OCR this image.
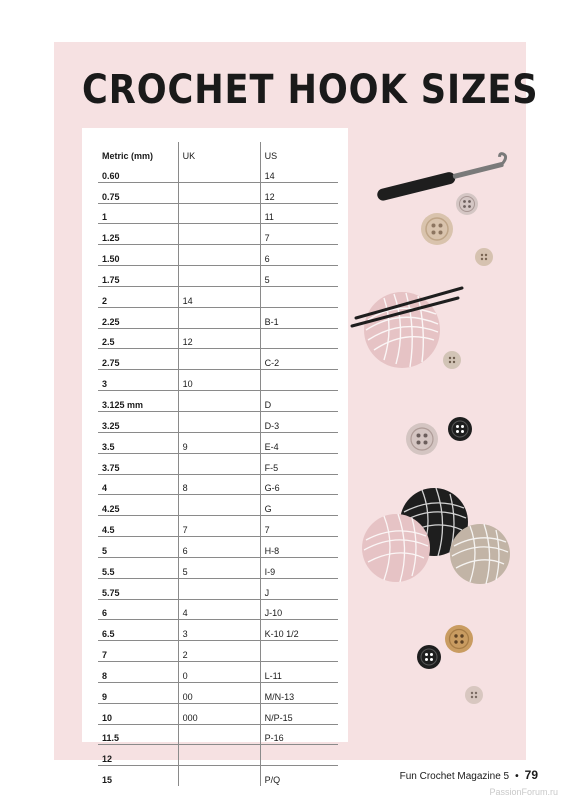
CROCHET HOOK SIZES
Metric (mm)	UK	US
0.60		14
0.75		12
1		11
1.25		7
1.50		6
1.75		5
2	14	
2.25		B-1
2.5	12	
2.75		C-2
3	10	
3.125 mm		D
3.25		D-3
3.5	9	E-4
3.75		F-5
4	8	G-6
4.25		G
4.5	7	7
5	6	H-8
5.5	5	I-9
5.75		J
6	4	J-10
6.5	3	K-10 1/2
7	2	
8	0	L-11
9	00	M/N-13
10	000	N/P-15
11.5		P-16
12		
15		P/Q	Fun Crochet Magazine 5 • 79
PassionForum.ru
